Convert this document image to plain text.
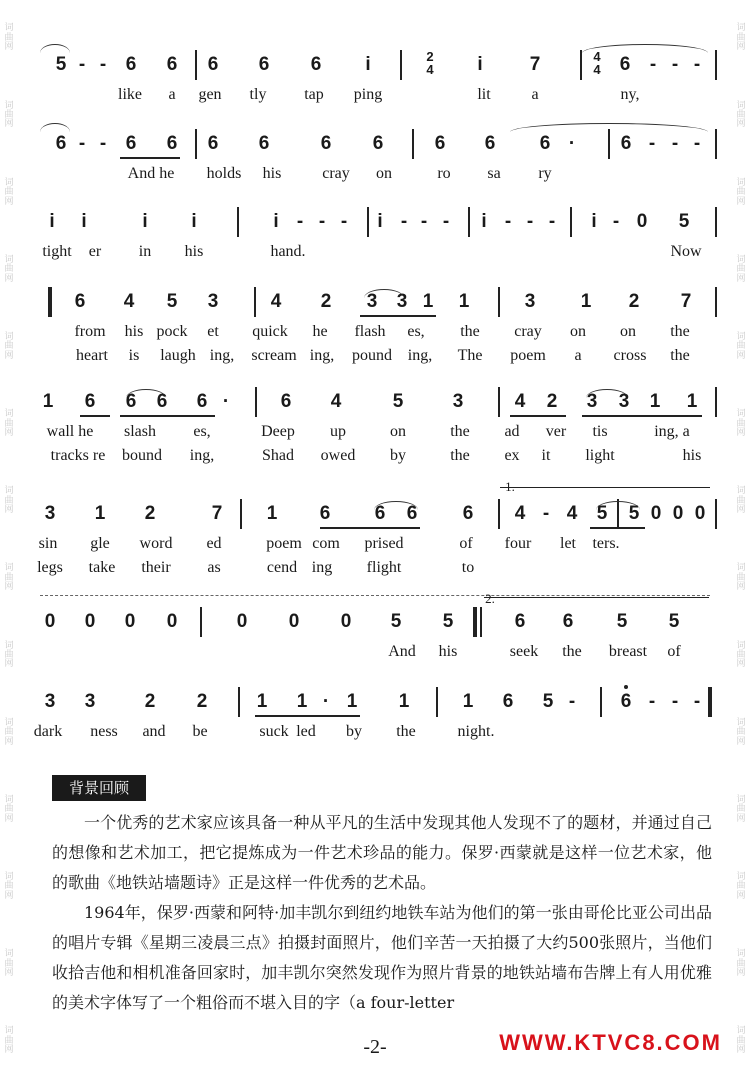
词
曲
网
词
曲
网
词
曲
网
词
曲
网
词
曲
网
词
曲
网
词
曲
网
词
曲
网
词
曲
网
词
曲
网
词
曲
网
词
曲
网
词
曲
网
词
曲
网
词
曲
网
词
曲
网
词
曲
网
词
曲
网
词
曲
网
词
曲
网
词
曲
网
词
曲
网
词
曲
网
词
曲
网
词
曲
网
词
曲
网
词
曲
网
词
曲
网
5 - - 6 6 6 6 6 i	i 7	6 - - -
like a gen tly tap ping	lit	a	ny,
6 - - 6 6 6 6	6 6	6 6 6 · 6 - - -
And he holds his	cray on	ro sa ry
i i	i i	i - - - i - - - i - - - i - 0 5
tight er in his	hand.	Now
6 4 5 3	4 2 3 3 1 1	3 1 2 7
from his pock et quick he flash es, the cray on on the
heart is laugh ing, scream ing, pound ing, The poem a cross the
1 6 6 6 6 ·	6 4	5	3	4 2 3 3 1 1
wall he slash es,	Deep up	on	the ad ver tis	ing, a
tracks re bound ing,	Shad owed by	the ex it light	his
3 1 2	7 1 6 6 6 6 4 - 4 5 5 0 0 0
sin gle word ed	poem com prised	of four let ters.
legs take their as	cend ing flight	to
0 0 0 0	0 0 0 5 5	6 6 5 5
And his	seek the breast of
3 3	2 2	1 1 · 1 1	1 6 5 - 6 - - -
dark ness and be	suck led by the	night.
2
4
4
4
1.
2.
背景回顾
一个优秀的艺术家应该具备一种从平凡的生活中发现其他人发现不了的题材，并通过自己的想像和艺术加工，把它提炼成为一件艺术珍品的能力。保罗·西蒙就是这样一位艺术家，他的歌曲《地铁站墙题诗》正是这样一件优秀的艺术品。
1964年，保罗·西蒙和阿特·加丰凯尔到纽约地铁车站为他们的第一张由哥伦比亚公司出品的唱片专辑《星期三凌晨三点》拍摄封面照片，他们辛苦一天拍摄了大约500张照片，当他们收拾吉他和相机准备回家时，加丰凯尔突然发现作为照片背景的地铁站墙布告牌上有人用优雅的美术字体写了一个粗俗而不堪入目的字（a four-letter
-2-	WWW.KTVC8.COM
